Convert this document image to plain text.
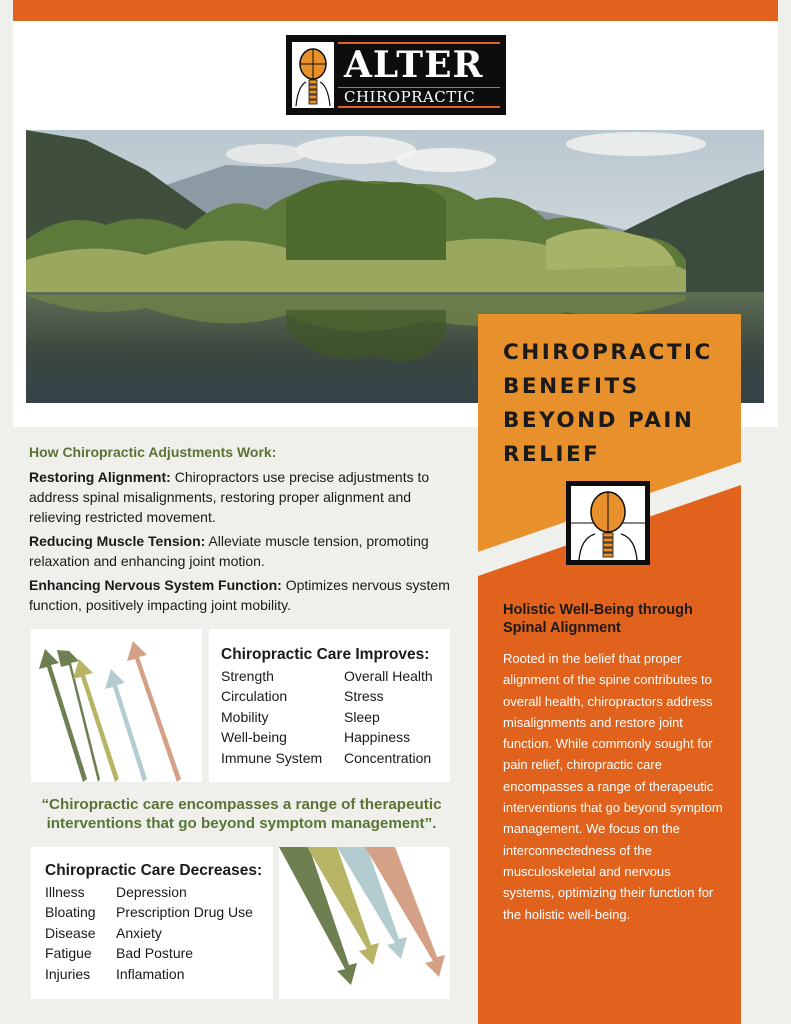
ALTER
CHIROPRACTIC
CHIROPRACTIC BENEFITS BEYOND PAIN RELIEF
Holistic Well-Being through Spinal Alignment
Rooted in the belief that proper alignment of the spine contributes to overall health, chiropractors address misalignments and restore joint function. While commonly sought for pain relief, chiropractic care encompasses a range of therapeutic interventions that go beyond symptom management. We focus on the interconnectedness of the musculoskeletal and nervous systems, optimizing their function for the holistic well-being.
How Chiropractic Adjustments Work:
Restoring Alignment: Chiropractors use precise adjustments to address spinal misalignments, restoring proper alignment and relieving restricted movement.
Reducing Muscle Tension: Alleviate muscle tension, promoting relaxation and enhancing joint motion.
Enhancing Nervous System Function: Optimizes nervous system function, positively impacting joint mobility.
Chiropractic Care Improves:
Strength
Circulation
Mobility
Well-being
Immune System
Overall Health
Stress
Sleep
Happiness
Concentration
“Chiropractic care encompasses a range of therapeutic interventions that go beyond symptom management”.
Chiropractic Care Decreases:
Illness
Bloating
Disease
Fatigue
Injuries
Depression
Prescription Drug Use
Anxiety
Bad Posture
Inflamation
